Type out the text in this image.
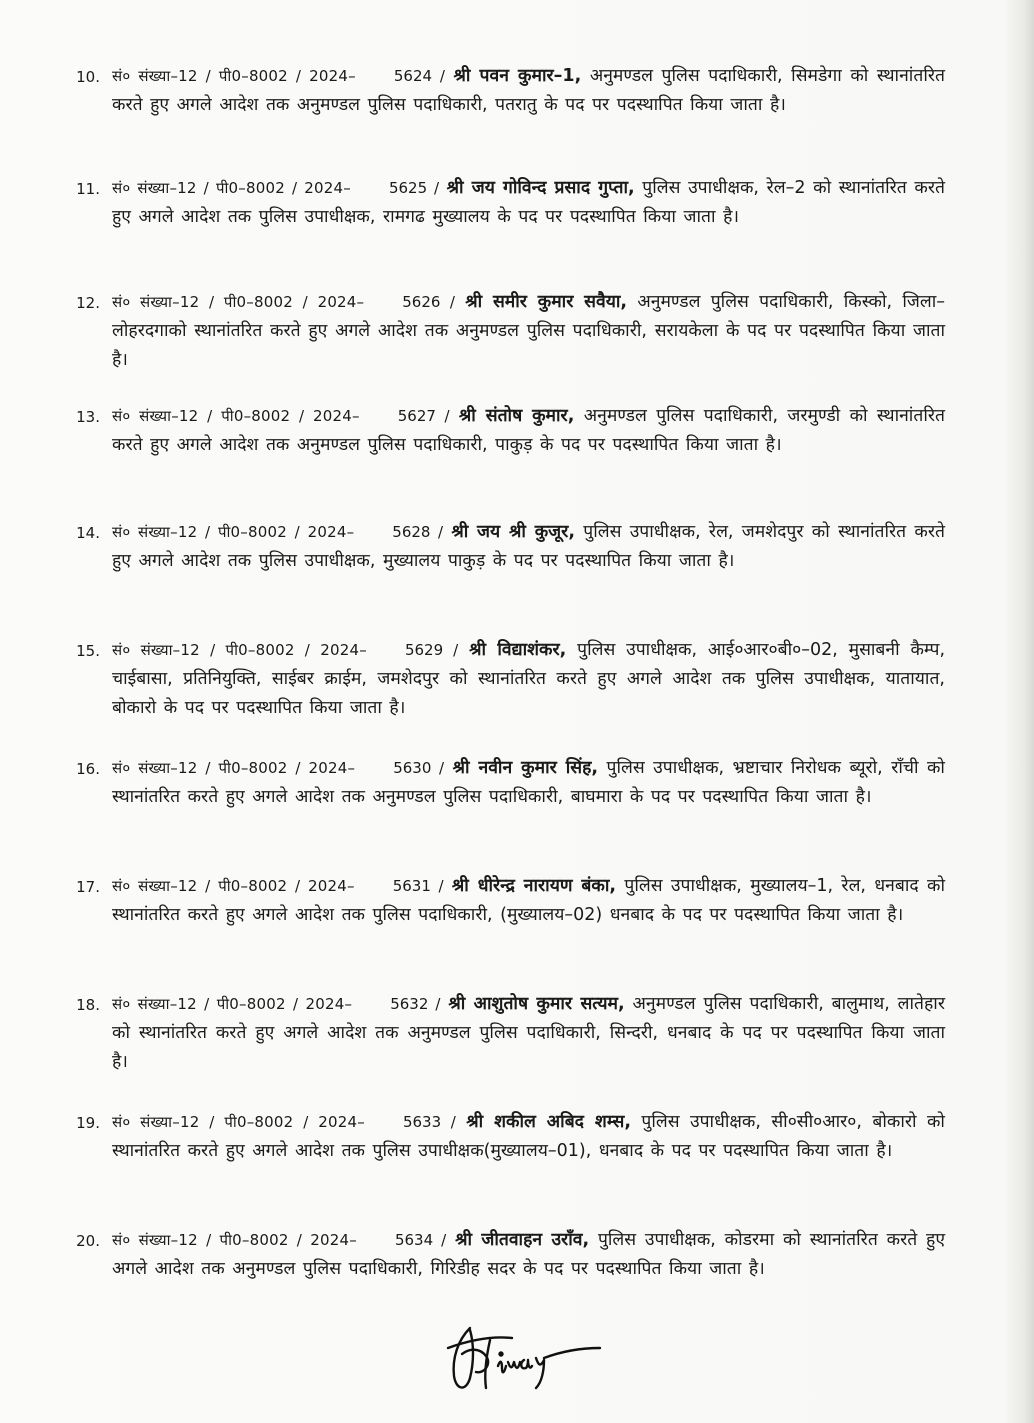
10. सं० संख्या–12 / पी0–8002 / 2024–	5624 / श्री पवन कुमार–1, अनुमण्डल पुलिस पदाधिकारी, सिमडेगा को स्थानांतरित करते हुए अगले आदेश तक अनुमण्डल पुलिस पदाधिकारी, पतरातु के पद पर पदस्थापित किया जाता है।
11. सं० संख्या–12 / पी0–8002 / 2024–	5625 / श्री जय गोविन्द प्रसाद गुप्ता, पुलिस उपाधीक्षक, रेल–2 को स्थानांतरित करते हुए अगले आदेश तक पुलिस उपाधीक्षक, रामगढ मुख्यालय के पद पर पदस्थापित किया जाता है।
12. सं० संख्या–12 / पी0–8002 / 2024–	5626 / श्री समीर कुमार सवैया, अनुमण्डल पुलिस पदाधिकारी, किस्को, जिला–लोहरदगाको स्थानांतरित करते हुए अगले आदेश तक अनुमण्डल पुलिस पदाधिकारी, सरायकेला के पद पर पदस्थापित किया जाता है।
13. सं० संख्या–12 / पी0–8002 / 2024–	5627 / श्री संतोष कुमार, अनुमण्डल पुलिस पदाधिकारी, जरमुण्डी को स्थानांतरित करते हुए अगले आदेश तक अनुमण्डल पुलिस पदाधिकारी, पाकुड़ के पद पर पदस्थापित किया जाता है।
14. सं० संख्या–12 / पी0–8002 / 2024–	5628 / श्री जय श्री कुजूर, पुलिस उपाधीक्षक, रेल, जमशेदपुर को स्थानांतरित करते हुए अगले आदेश तक पुलिस उपाधीक्षक, मुख्यालय पाकुड़ के पद पर पदस्थापित किया जाता है।
15. सं० संख्या–12 / पी0–8002 / 2024–	5629 / श्री विद्याशंकर, पुलिस उपाधीक्षक, आई०आर०बी०–02, मुसाबनी कैम्प, चाईबासा, प्रतिनियुक्ति, साईबर क्राईम, जमशेदपुर को स्थानांतरित करते हुए अगले आदेश तक पुलिस उपाधीक्षक, यातायात, बोकारो के पद पर पदस्थापित किया जाता है।
16. सं० संख्या–12 / पी0–8002 / 2024–	5630 / श्री नवीन कुमार सिंह, पुलिस उपाधीक्षक, भ्रष्टाचार निरोधक ब्यूरो, राँची को स्थानांतरित करते हुए अगले आदेश तक अनुमण्डल पुलिस पदाधिकारी, बाघमारा के पद पर पदस्थापित किया जाता है।
17. सं० संख्या–12 / पी0–8002 / 2024–	5631 / श्री धीरेन्द्र नारायण बंका, पुलिस उपाधीक्षक, मुख्यालय–1, रेल, धनबाद को स्थानांतरित करते हुए अगले आदेश तक पुलिस पदाधिकारी, (मुख्यालय–02) धनबाद के पद पर पदस्थापित किया जाता है।
18. सं० संख्या–12 / पी0–8002 / 2024–	5632 / श्री आशुतोष कुमार सत्यम, अनुमण्डल पुलिस पदाधिकारी, बालुमाथ, लातेहार को स्थानांतरित करते हुए अगले आदेश तक अनुमण्डल पुलिस पदाधिकारी, सिन्दरी, धनबाद के पद पर पदस्थापित किया जाता है।
19. सं० संख्या–12 / पी0–8002 / 2024–	5633 / श्री शकील अबिद शम्स, पुलिस उपाधीक्षक, सी०सी०आर०, बोकारो को स्थानांतरित करते हुए अगले आदेश तक पुलिस उपाधीक्षक(मुख्यालय–01), धनबाद के पद पर पदस्थापित किया जाता है।
20. सं० संख्या–12 / पी0–8002 / 2024–	5634 / श्री जीतवाहन उराँव, पुलिस उपाधीक्षक, कोडरमा को स्थानांतरित करते हुए अगले आदेश तक अनुमण्डल पुलिस पदाधिकारी, गिरिडीह सदर के पद पर पदस्थापित किया जाता है।
